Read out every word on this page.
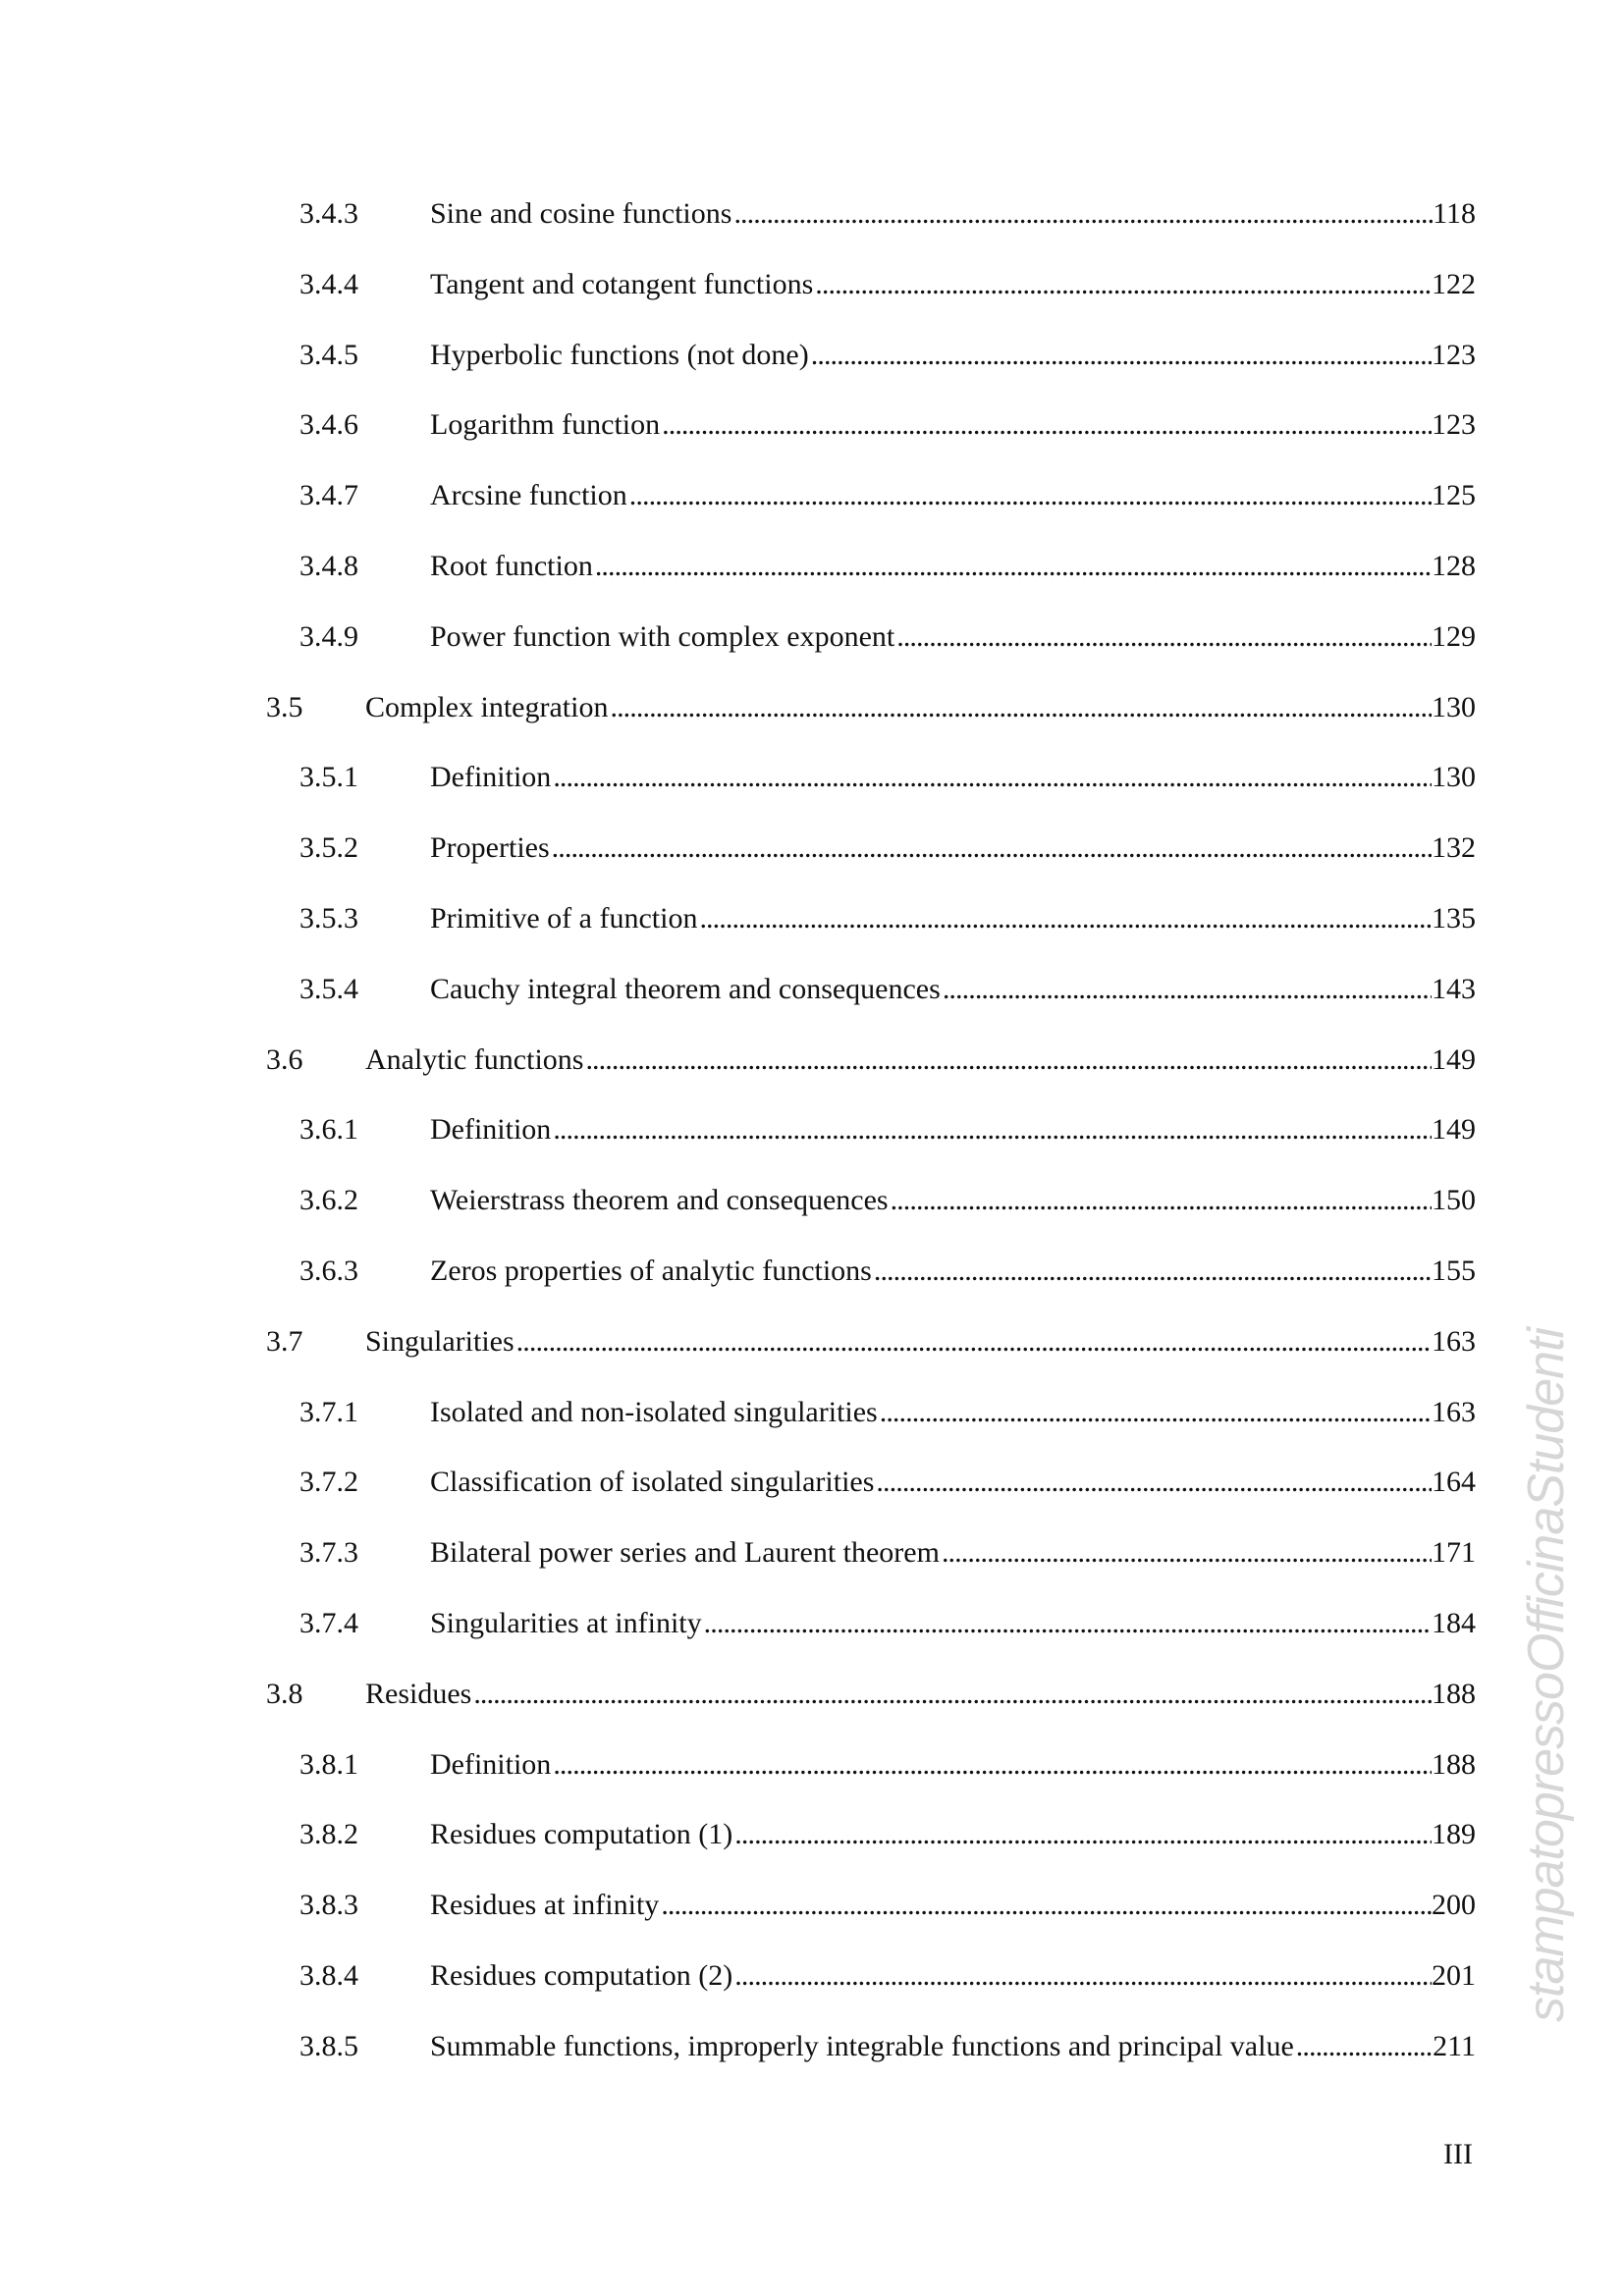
3.4.3 Sine and cosine functions . . .	118
3.4.4 Tangent and cotangent functions . . .	122
3.4.5 Hyperbolic functions (not done) . . .	123
3.4.6 Logarithm function . . .	123
3.4.7 Arcsine function . . .	125
3.4.8 Root function . . .	128
3.4.9 Power function with complex exponent . . .	129
3.5 Complex integration . . .	130
3.5.1 Definition . . .	130
3.5.2 Properties . . .	132
3.5.3 Primitive of a function . . .	135
3.5.4 Cauchy integral theorem and consequences . . .	143
3.6 Analytic functions . . .	149
3.6.1 Definition . . .	149
3.6.2 Weierstrass theorem and consequences . . .	150
3.6.3 Zeros properties of analytic functions . . .	155
3.7 Singularities . . .	163
3.7.1 Isolated and non-isolated singularities . . .	163
3.7.2 Classification of isolated singularities . . .	164
3.7.3 Bilateral power series and Laurent theorem . . .	171
3.7.4 Singularities at infinity . . .	184
3.8 Residues . . .	188
3.8.1 Definition . . .	188
3.8.2 Residues computation (1) . . .	189
3.8.3 Residues at infinity . . .	200
3.8.4 Residues computation (2) . . .	201
3.8.5 Summable functions, improperly integrable functions and principal value . . .	211
III
stampatopressoOfficinaStudenti
